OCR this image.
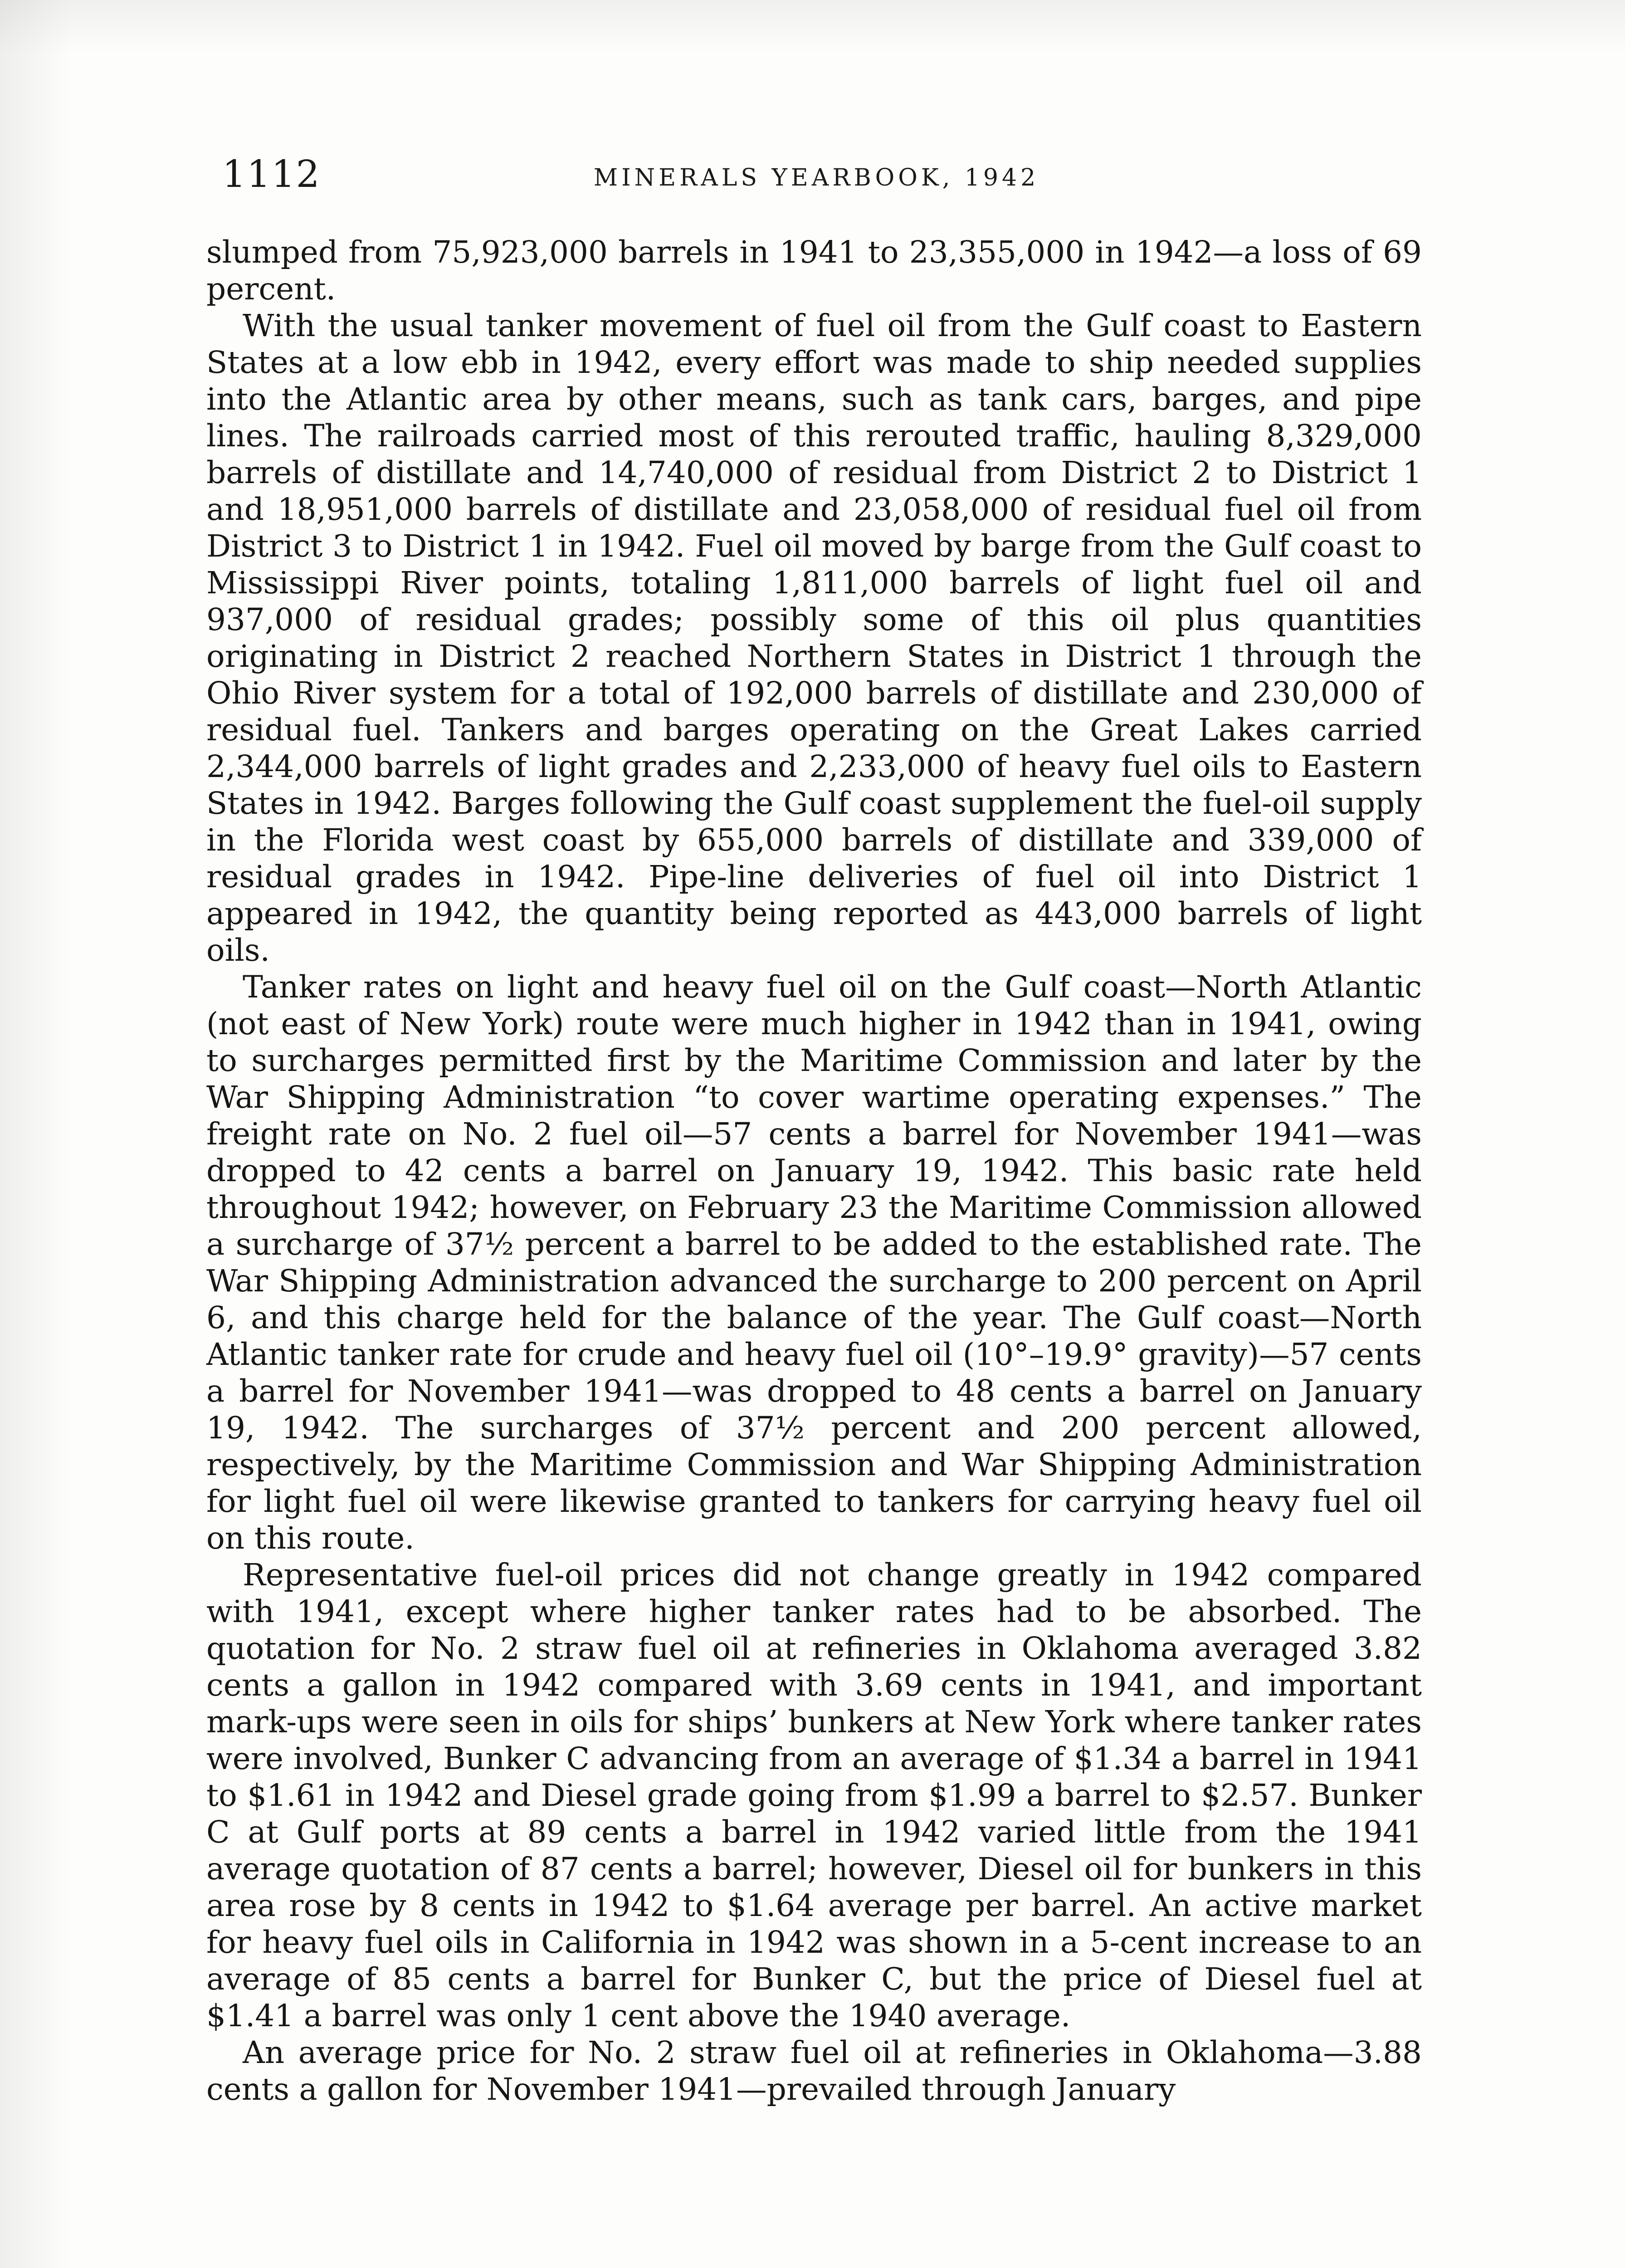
1112	MINERALS YEARBOOK, 1942

slumped from 75,923,000 barrels in 1941 to 23,355,000 in 1942—a loss of 69 percent.

With the usual tanker movement of fuel oil from the Gulf coast to Eastern States at a low ebb in 1942, every effort was made to ship needed supplies into the Atlantic area by other means, such as tank cars, barges, and pipe lines. The railroads carried most of this rerouted traffic, hauling 8,329,000 barrels of distillate and 14,740,000 of residual from District 2 to District 1 and 18,951,000 barrels of distillate and 23,058,000 of residual fuel oil from District 3 to District 1 in 1942. Fuel oil moved by barge from the Gulf coast to Mississippi River points, totaling 1,811,000 barrels of light fuel oil and 937,000 of residual grades; possibly some of this oil plus quantities originating in District 2 reached Northern States in District 1 through the Ohio River system for a total of 192,000 barrels of distillate and 230,000 of residual fuel. Tankers and barges operating on the Great Lakes carried 2,344,000 barrels of light grades and 2,233,000 of heavy fuel oils to Eastern States in 1942. Barges following the Gulf coast supplement the fuel-oil supply in the Florida west coast by 655,000 barrels of distillate and 339,000 of residual grades in 1942. Pipe-line deliveries of fuel oil into District 1 appeared in 1942, the quantity being reported as 443,000 barrels of light oils.

Tanker rates on light and heavy fuel oil on the Gulf coast—North Atlantic (not east of New York) route were much higher in 1942 than in 1941, owing to surcharges permitted first by the Maritime Commission and later by the War Shipping Administration “to cover wartime operating expenses.” The freight rate on No. 2 fuel oil—57 cents a barrel for November 1941—was dropped to 42 cents a barrel on January 19, 1942. This basic rate held throughout 1942; however, on February 23 the Maritime Commission allowed a surcharge of 37½ percent a barrel to be added to the established rate. The War Shipping Administration advanced the surcharge to 200 percent on April 6, and this charge held for the balance of the year. The Gulf coast—North Atlantic tanker rate for crude and heavy fuel oil (10°–19.9° gravity)—57 cents a barrel for November 1941—was dropped to 48 cents a barrel on January 19, 1942. The surcharges of 37½ percent and 200 percent allowed, respectively, by the Maritime Commission and War Shipping Administration for light fuel oil were likewise granted to tankers for carrying heavy fuel oil on this route.

Representative fuel-oil prices did not change greatly in 1942 compared with 1941, except where higher tanker rates had to be absorbed. The quotation for No. 2 straw fuel oil at refineries in Oklahoma averaged 3.82 cents a gallon in 1942 compared with 3.69 cents in 1941, and important mark-ups were seen in oils for ships’ bunkers at New York where tanker rates were involved, Bunker C advancing from an average of $1.34 a barrel in 1941 to $1.61 in 1942 and Diesel grade going from $1.99 a barrel to $2.57. Bunker C at Gulf ports at 89 cents a barrel in 1942 varied little from the 1941 average quotation of 87 cents a barrel; however, Diesel oil for bunkers in this area rose by 8 cents in 1942 to $1.64 average per barrel. An active market for heavy fuel oils in California in 1942 was shown in a 5-cent increase to an average of 85 cents a barrel for Bunker C, but the price of Diesel fuel at $1.41 a barrel was only 1 cent above the 1940 average.

An average price for No. 2 straw fuel oil at refineries in Oklahoma—3.88 cents a gallon for November 1941—prevailed through January
